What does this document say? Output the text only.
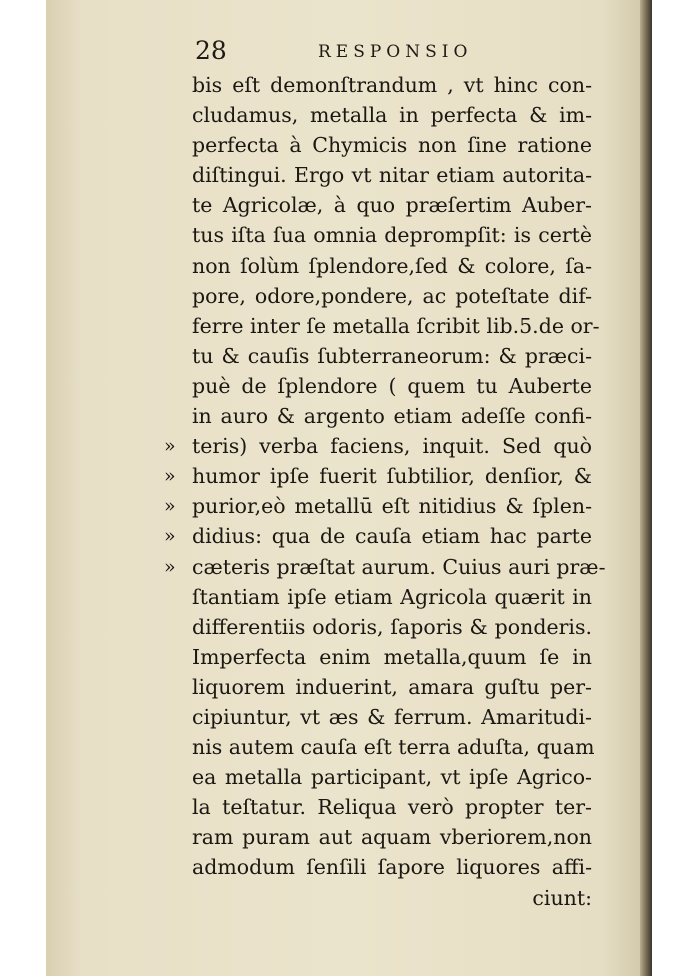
28	RESPONSIO
bis eſt demonſtrandum , vt hinc con-
cludamus, metalla in perfecta & im-
perfecta à Chymicis non ſine ratione
diſtingui. Ergo vt nitar etiam autorita-
te Agricolæ, à quo præſertim Auber-
tus iſta ſua omnia deprompſit: is certè
non ſolùm ſplendore,ſed & colore, ſa-
pore, odore,pondere, ac poteſtate dif-
ferre inter ſe metalla ſcribit lib.5.de or-
tu & cauſis ſubterraneorum: & præci-
puè de ſplendore ( quem tu Auberte
in auro & argento etiam adeſſe confi-
» teris) verba faciens, inquit. Sed quò
» humor ipſe fuerit ſubtilior, denſior, &
» purior,eò metallū eſt nitidius & ſplen-
» didius: qua de cauſa etiam hac parte
» cæteris præſtat aurum. Cuius auri præ-
ſtantiam ipſe etiam Agricola quærit in
differentiis odoris, ſaporis & ponderis.
Imperfecta enim metalla,quum ſe in
liquorem induerint, amara guſtu per-
cipiuntur, vt æs & ferrum. Amaritudi-
nis autem cauſa eſt terra aduſta, quam
ea metalla participant, vt ipſe Agrico-
la teſtatur. Reliqua verò propter ter-
ram puram aut aquam vberiorem,non
admodum ſenſili ſapore liquores affi-
ciunt:
